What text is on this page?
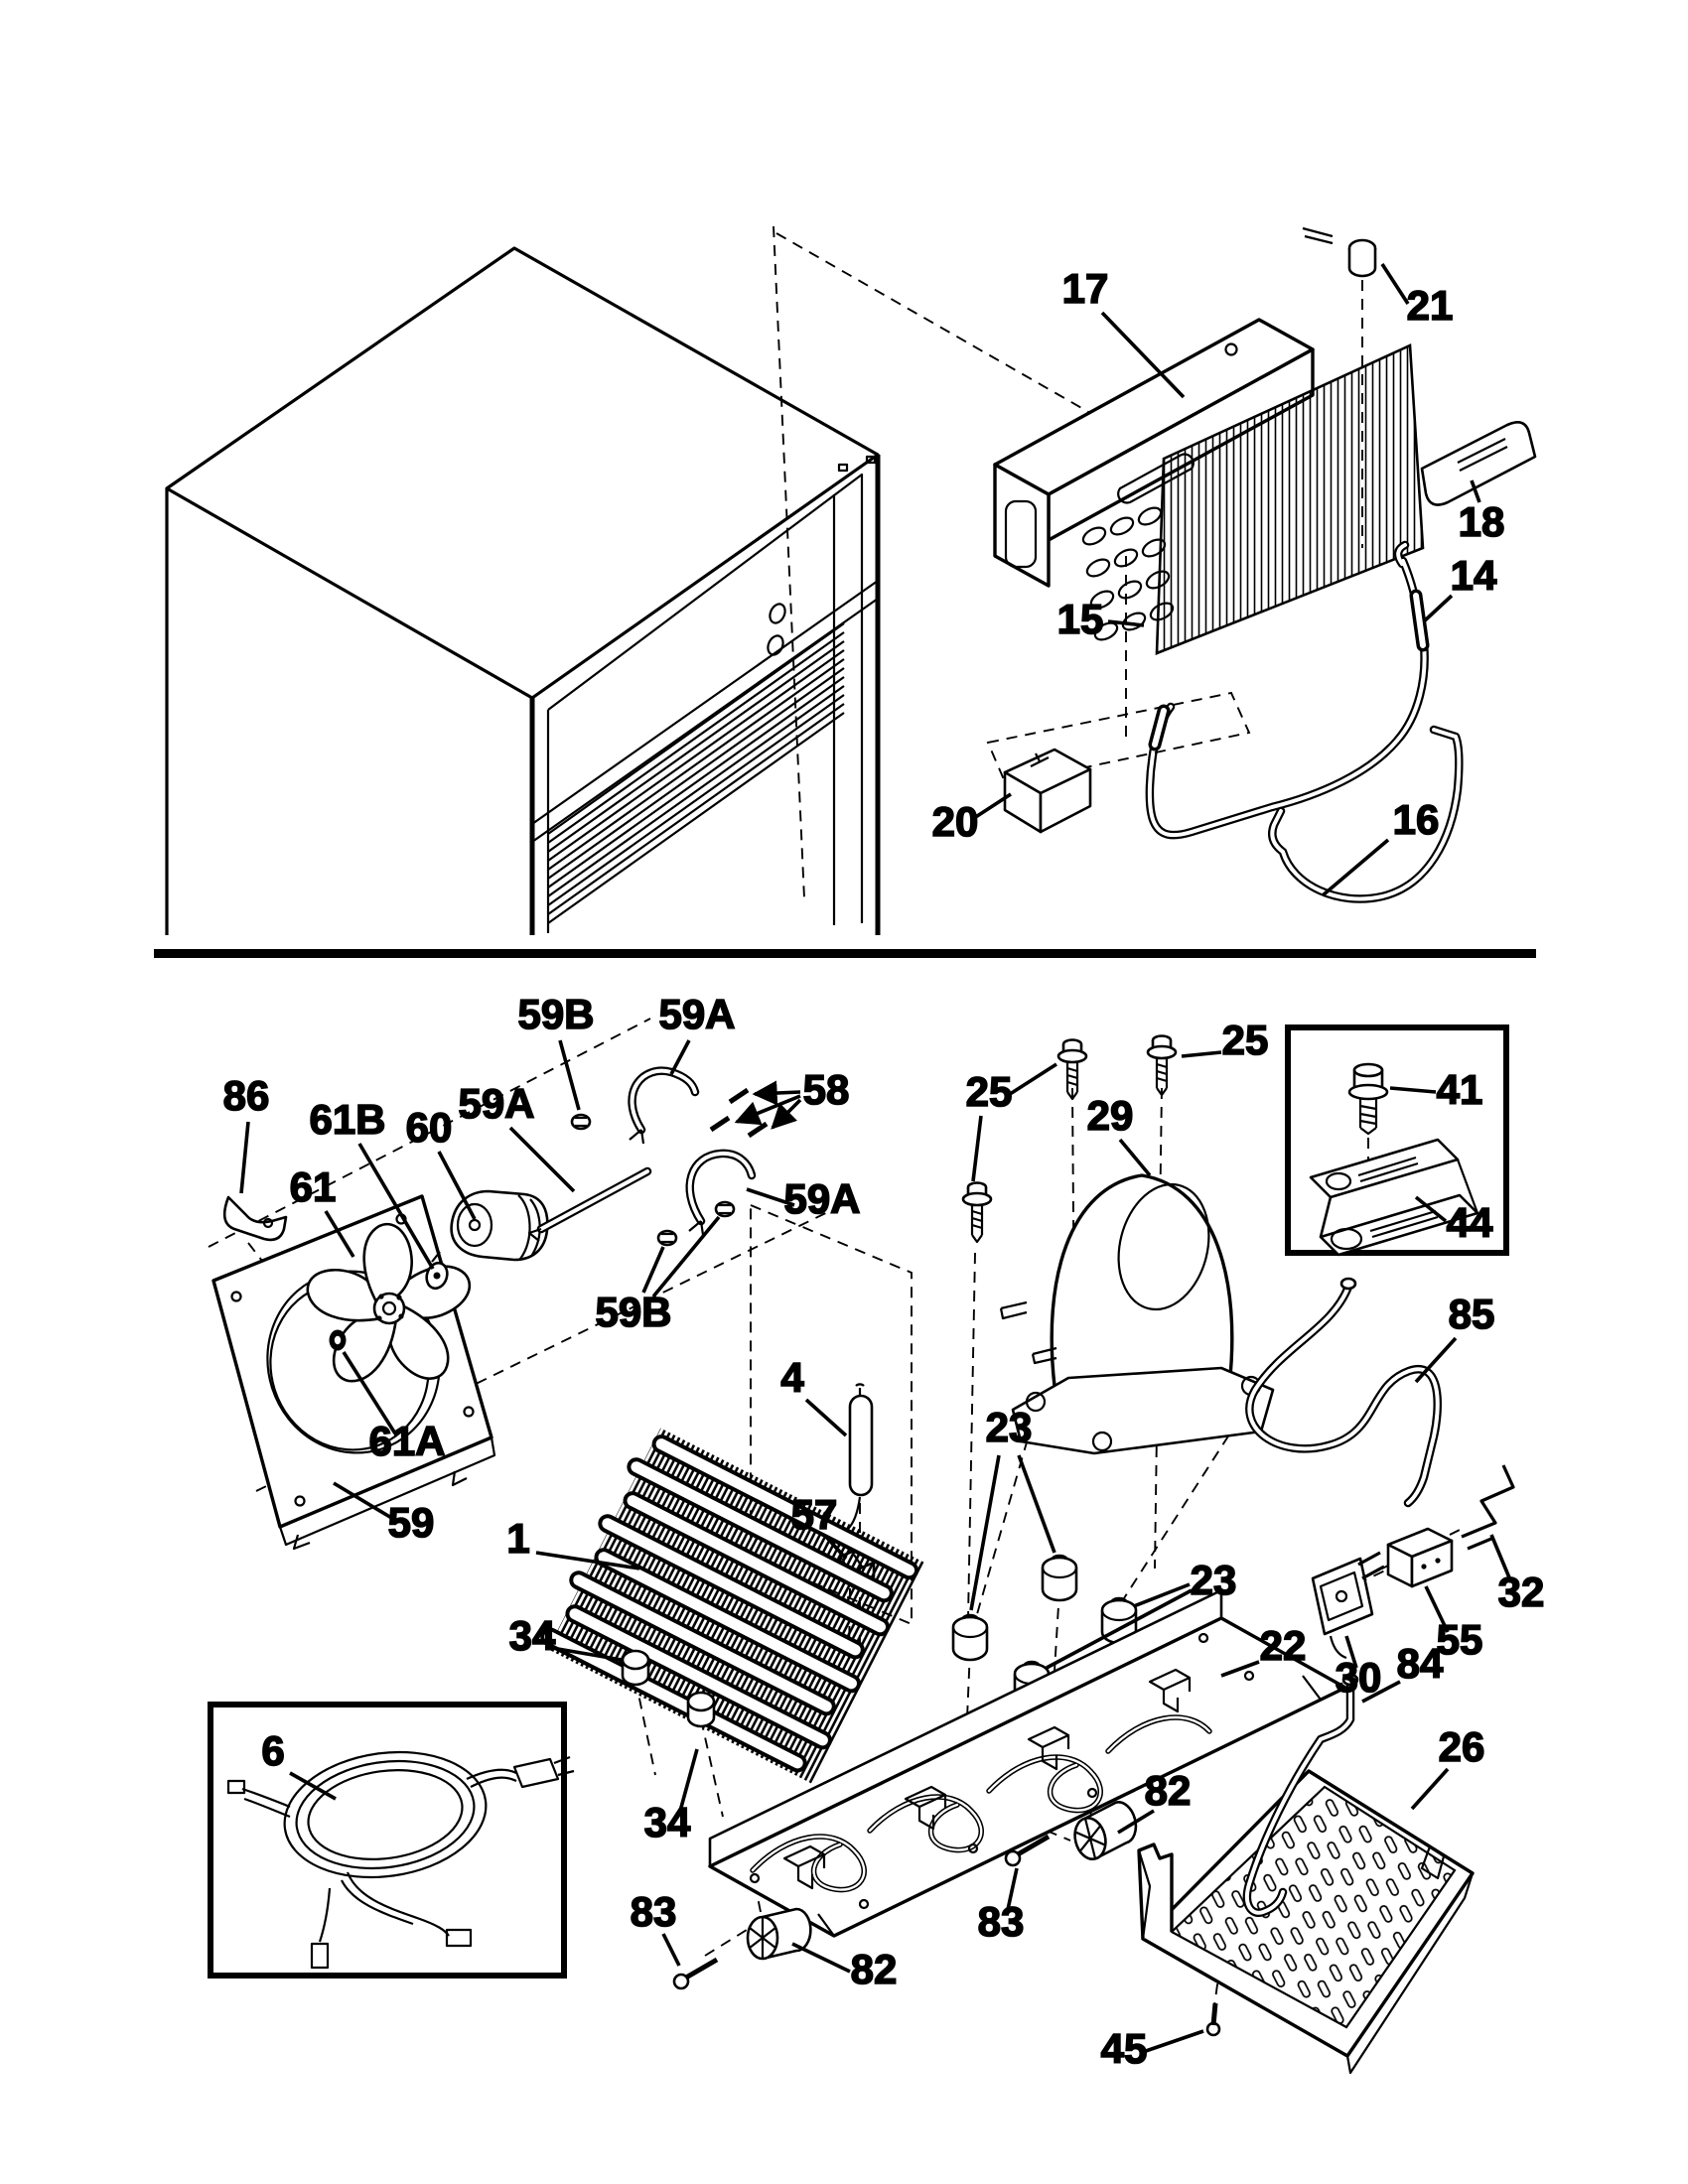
17	21
18
14
15
20	16
59B 59A
58
86
61B 60
61
59A
59A
25
25
29
41
44
59B
61A
4
85
23
59 1
57
32
55
30
23
22
34
84
26
6
34
82
83	83
82
45
